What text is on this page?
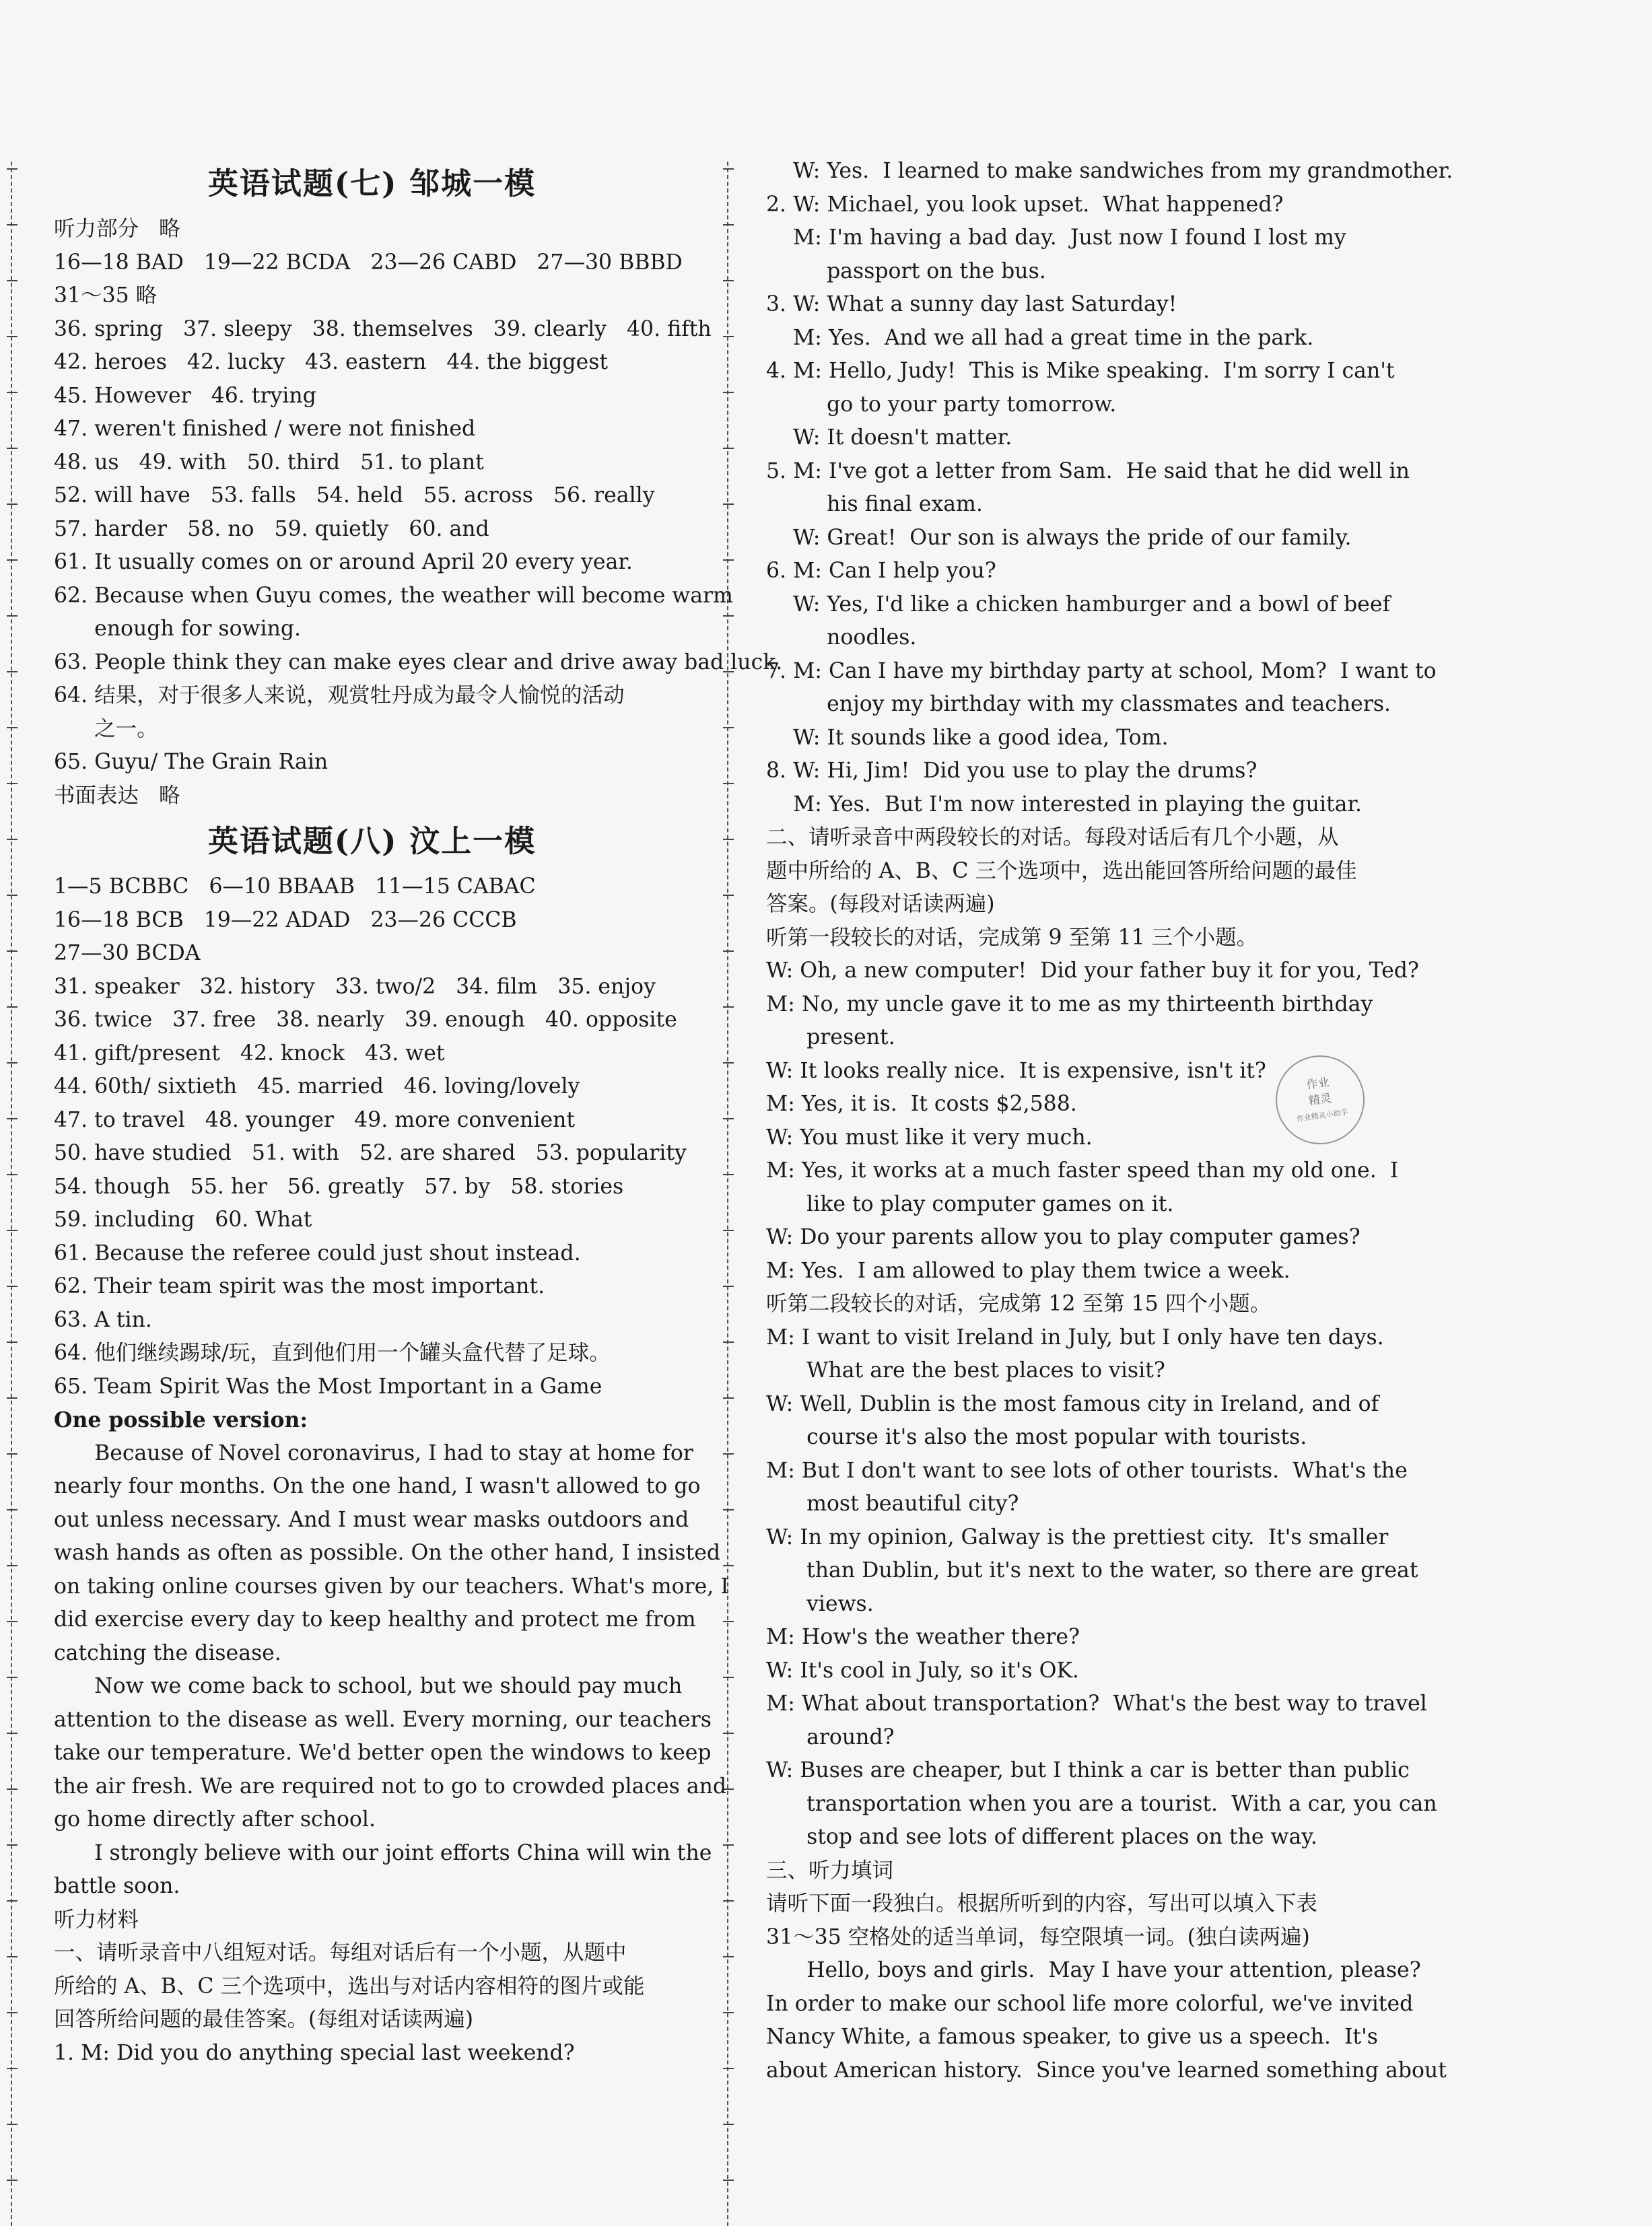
英语试题(七) 邹城一模
听力部分   略
16—18 BAD   19—22 BCDA   23—26 CABD   27—30 BBBD
31～35 略
36. spring   37. sleepy   38. themselves   39. clearly   40. fifth
42. heroes   42. lucky   43. eastern   44. the biggest
45. However   46. trying
47. weren't finished / were not finished
48. us   49. with   50. third   51. to plant
52. will have   53. falls   54. held   55. across   56. really
57. harder   58. no   59. quietly   60. and
61. It usually comes on or around April 20 every year.
62. Because when Guyu comes, the weather will become warm
enough for sowing.
63. People think they can make eyes clear and drive away bad luck.
64. 结果，对于很多人来说，观赏牡丹成为最令人愉悦的活动
之一。
65. Guyu/ The Grain Rain
书面表达   略
英语试题(八) 汶上一模
1—5 BCBBC   6—10 BBAAB   11—15 CABAC
16—18 BCB   19—22 ADAD   23—26 CCCB
27—30 BCDA
31. speaker   32. history   33. two/2   34. film   35. enjoy
36. twice   37. free   38. nearly   39. enough   40. opposite
41. gift/present   42. knock   43. wet
44. 60th/ sixtieth   45. married   46. loving/lovely
47. to travel   48. younger   49. more convenient
50. have studied   51. with   52. are shared   53. popularity
54. though   55. her   56. greatly   57. by   58. stories
59. including   60. What
61. Because the referee could just shout instead.
62. Their team spirit was the most important.
63. A tin.
64. 他们继续踢球/玩，直到他们用一个罐头盒代替了足球。
65. Team Spirit Was the Most Important in a Game
One possible version:
Because of Novel coronavirus, I had to stay at home for
nearly four months. On the one hand, I wasn't allowed to go
out unless necessary. And I must wear masks outdoors and
wash hands as often as possible. On the other hand, I insisted
on taking online courses given by our teachers. What's more, I
did exercise every day to keep healthy and protect me from
catching the disease.
Now we come back to school, but we should pay much
attention to the disease as well. Every morning, our teachers
take our temperature. We'd better open the windows to keep
the air fresh. We are required not to go to crowded places and
go home directly after school.
I strongly believe with our joint efforts China will win the
battle soon.
听力材料
一、请听录音中八组短对话。每组对话后有一个小题，从题中
所给的 A、B、C 三个选项中，选出与对话内容相符的图片或能
回答所给问题的最佳答案。(每组对话读两遍)
1. M: Did you do anything special last weekend?
W: Yes.  I learned to make sandwiches from my grandmother.
2. W: Michael, you look upset.  What happened?
M: I'm having a bad day.  Just now I found I lost my
passport on the bus.
3. W: What a sunny day last Saturday!
M: Yes.  And we all had a great time in the park.
4. M: Hello, Judy!  This is Mike speaking.  I'm sorry I can't
go to your party tomorrow.
W: It doesn't matter.
5. M: I've got a letter from Sam.  He said that he did well in
his final exam.
W: Great!  Our son is always the pride of our family.
6. M: Can I help you?
W: Yes, I'd like a chicken hamburger and a bowl of beef
noodles.
7. M: Can I have my birthday party at school, Mom?  I want to
enjoy my birthday with my classmates and teachers.
W: It sounds like a good idea, Tom.
8. W: Hi, Jim!  Did you use to play the drums?
M: Yes.  But I'm now interested in playing the guitar.
二、请听录音中两段较长的对话。每段对话后有几个小题，从
题中所给的 A、B、C 三个选项中，选出能回答所给问题的最佳
答案。(每段对话读两遍)
听第一段较长的对话，完成第 9 至第 11 三个小题。
W: Oh, a new computer!  Did your father buy it for you, Ted?
M: No, my uncle gave it to me as my thirteenth birthday
present.
W: It looks really nice.  It is expensive, isn't it?
M: Yes, it is.  It costs $2,588.
W: You must like it very much.
M: Yes, it works at a much faster speed than my old one.  I
like to play computer games on it.
W: Do your parents allow you to play computer games?
M: Yes.  I am allowed to play them twice a week.
听第二段较长的对话，完成第 12 至第 15 四个小题。
M: I want to visit Ireland in July, but I only have ten days.
What are the best places to visit?
W: Well, Dublin is the most famous city in Ireland, and of
course it's also the most popular with tourists.
M: But I don't want to see lots of other tourists.  What's the
most beautiful city?
W: In my opinion, Galway is the prettiest city.  It's smaller
than Dublin, but it's next to the water, so there are great
views.
M: How's the weather there?
W: It's cool in July, so it's OK.
M: What about transportation?  What's the best way to travel
around?
W: Buses are cheaper, but I think a car is better than public
transportation when you are a tourist.  With a car, you can
stop and see lots of different places on the way.
三、听力填词
请听下面一段独白。根据所听到的内容，写出可以填入下表
31～35 空格处的适当单词，每空限填一词。(独白读两遍)
Hello, boys and girls.  May I have your attention, please?
In order to make our school life more colorful, we've invited
Nancy White, a famous speaker, to give us a speech.  It's
about American history.  Since you've learned something about
作业
精灵
作业精灵小助手
